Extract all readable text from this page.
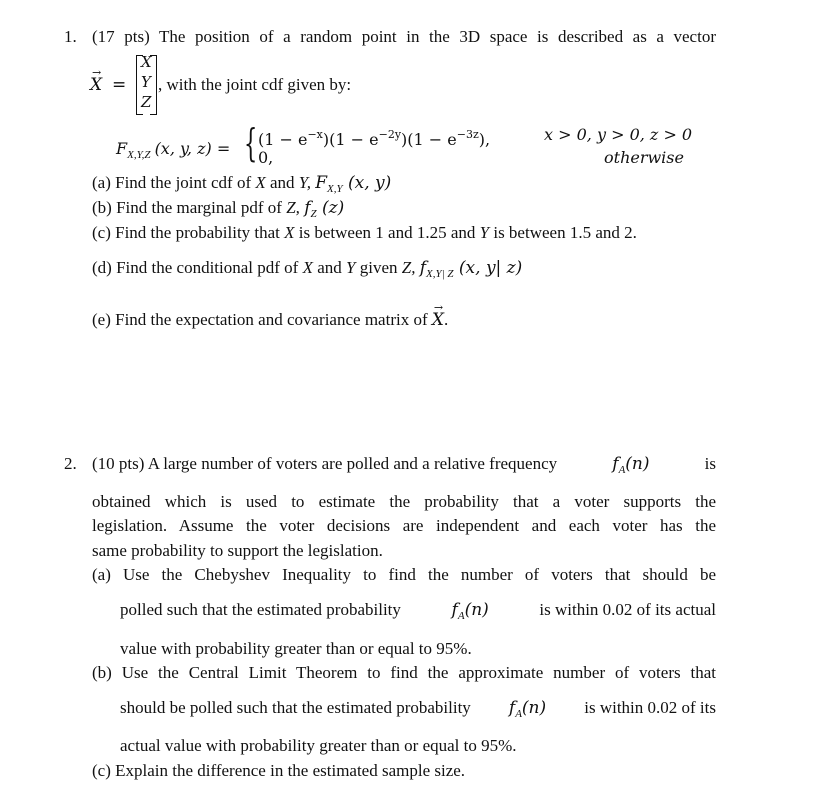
1. (17 pts) The position of a random point in the 3D space is described as a vector
→ X =
X
Y
Z
, with the joint cdf given by:
$F_{X,Y,Z}$ (x, y, z) = { $(1 - e^{-x})(1 - e^{-2y})(1 - e^{-3z})$,	x > 0, y > 0, z > 0
0,	otherwise
(a) Find the joint cdf of X and Y, $F_{X,Y}$ (x, y)
(b) Find the marginal pdf of Z, $f_Z$ (z)
(c) Find the probability that X is between 1 and 1.25 and Y is between 1.5 and 2.
(d) Find the conditional pdf of X and Y given Z, $f_{X,Y| Z}$ (x, y| z)
(e) Find the expectation and covariance matrix of → X.
2. (10 pts) A large number of voters are polled and a relative frequency	$f_A(n)$	is
obtained which is used to estimate the probability that a voter supports the
legislation. Assume the voter decisions are independent and each voter has the
same probability to support the legislation.
(a) Use the Chebyshev Inequality to find the number of voters that should be
polled such that the estimated probability	$f_A(n)$	is within 0.02 of its actual
value with probability greater than or equal to 95%.
(b) Use the Central Limit Theorem to find the approximate number of voters that
should be polled such that the estimated probability $f_A(n)$ is within 0.02 of its
actual value with probability greater than or equal to 95%.
(c) Explain the difference in the estimated sample size.
